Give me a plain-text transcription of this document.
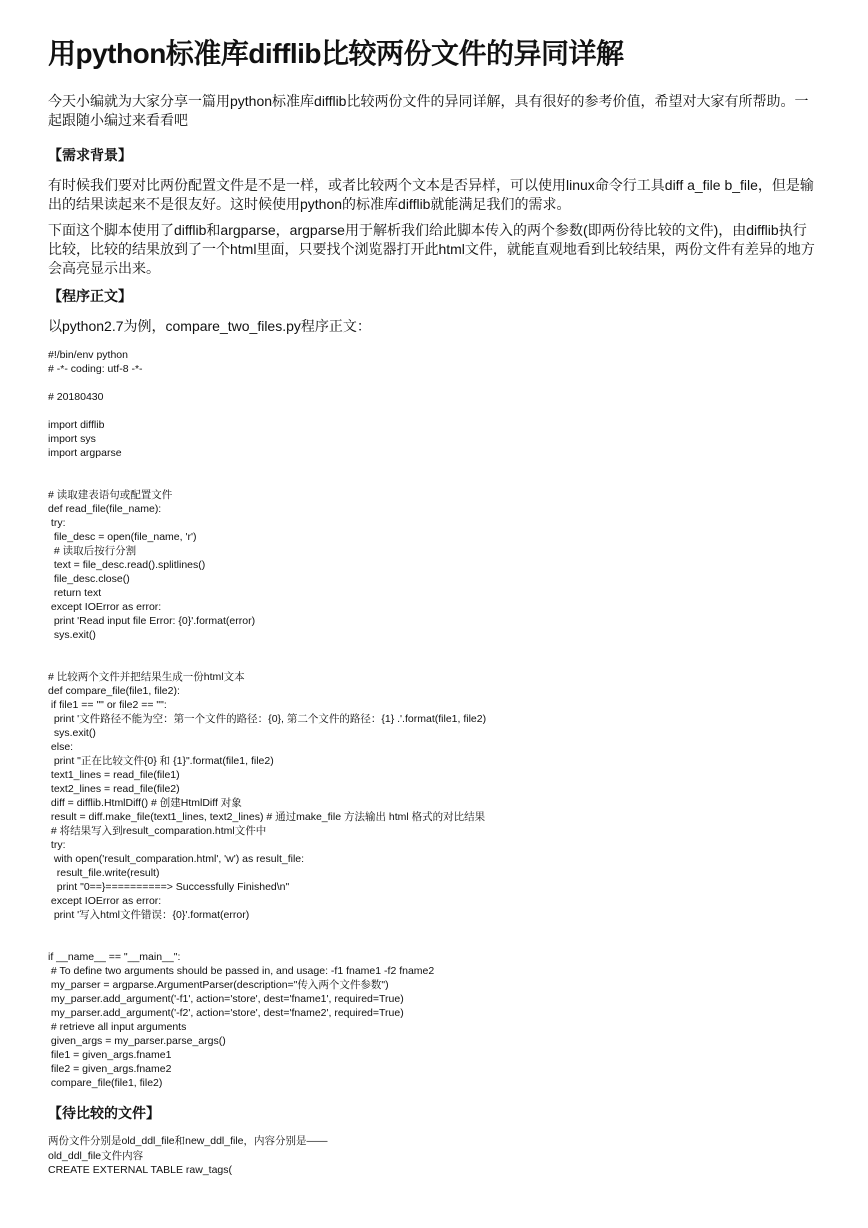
用python标准库difflib比较两份文件的异同详解

今天小编就为大家分享一篇用python标准库difflib比较两份文件的异同详解，具有很好的参考价值，希望对大家有所帮助。一起跟随小编过来看看吧

【需求背景】

有时候我们要对比两份配置文件是不是一样，或者比较两个文本是否异样，可以使用linux命令行工具diff a_file b_file，但是输出的结果读起来不是很友好。这时候使用python的标准库difflib就能满足我们的需求。

下面这个脚本使用了difflib和argparse，argparse用于解析我们给此脚本传入的两个参数(即两份待比较的文件)，由difflib执行比较，比较的结果放到了一个html里面，只要找个浏览器打开此html文件，就能直观地看到比较结果，两份文件有差异的地方会高亮显示出来。

【程序正文】

以python2.7为例，compare_two_files.py程序正文：

#!/bin/env python
# -*- coding: utf-8 -*-
# 20180430
import difflib
import sys
import argparse
# 读取建表语句或配置文件
def read_file(file_name):
try:
file_desc = open(file_name, 'r')
# 读取后按行分割
text = file_desc.read().splitlines()
file_desc.close()
return text
except IOError as error:
print 'Read input file Error: {0}'.format(error)
sys.exit()
# 比较两个文件并把结果生成一份html文本
def compare_file(file1, file2):
if file1 == "" or file2 == "":
print '文件路径不能为空：第一个文件的路径：{0}, 第二个文件的路径：{1} .'.format(file1, file2)
sys.exit()
else:
print "正在比较文件{0} 和 {1}".format(file1, file2)
text1_lines = read_file(file1)
text2_lines = read_file(file2)
diff = difflib.HtmlDiff() # 创建HtmlDiff 对象
result = diff.make_file(text1_lines, text2_lines) # 通过make_file 方法输出 html 格式的对比结果
# 将结果写入到result_comparation.html文件中
try:
with open('result_comparation.html', 'w') as result_file:
result_file.write(result)
print "0==}==========> Successfully Finished\n"
except IOError as error:
print '写入html文件错误：{0}'.format(error)
if __name__ == "__main__":
# To define two arguments should be passed in, and usage: -f1 fname1 -f2 fname2
my_parser = argparse.ArgumentParser(description="传入两个文件参数")
my_parser.add_argument('-f1', action='store', dest='fname1', required=True)
my_parser.add_argument('-f2', action='store', dest='fname2', required=True)
# retrieve all input arguments
given_args = my_parser.parse_args()
file1 = given_args.fname1
file2 = given_args.fname2
compare_file(file1, file2)
【待比较的文件】
两份文件分别是old_ddl_file和new_ddl_file，内容分别是——
old_ddl_file文件内容
CREATE EXTERNAL TABLE raw_tags(
